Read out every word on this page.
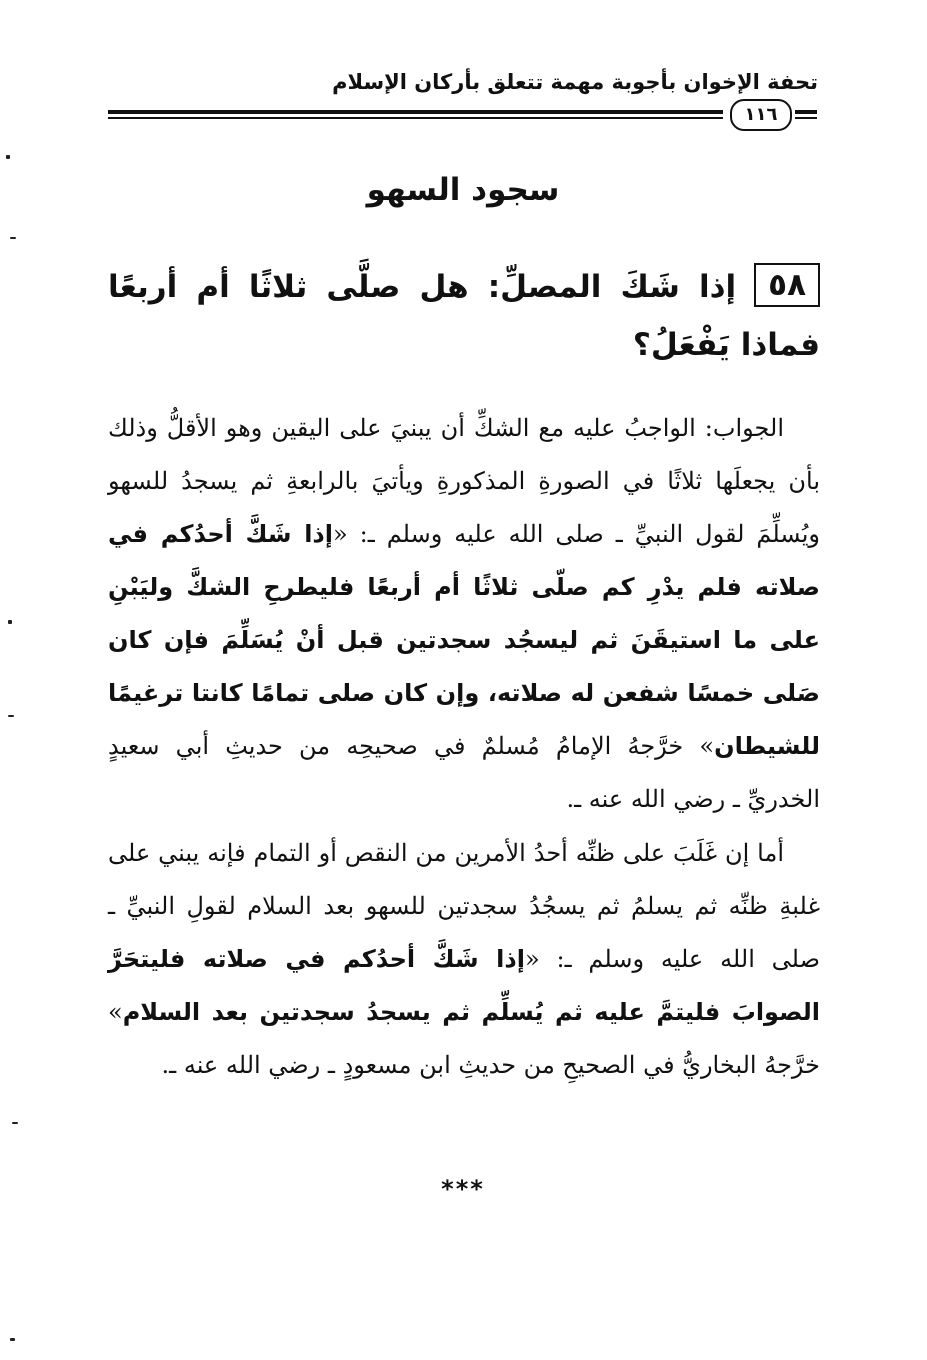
تحفة الإخوان بأجوبة مهمة تتعلق بأركان الإسلام
١١٦
سجود السهو
٥٨إذا شَكَ المصلِّ: هل صلَّى ثلاثًا أم أربعًا فماذا يَفْعَلُ؟
الجواب: الواجبُ عليه مع الشكِّ أن يبنيَ على اليقين وهو الأقلُّ وذلك بأن يجعلَها ثلاثًا في الصورةِ المذكورةِ ويأتيَ بالرابعةِ ثم يسجدُ للسهو ويُسلِّمَ لقول النبيِّ ـ صلى الله عليه وسلم ـ: «إذا شَكَّ أحدُكم في صلاته فلم يدْرِ كم صلّى ثلاثًا أم أربعًا فليطرحِ الشكَّ وليَبْنِ على ما استيقَنَ ثم ليسجُد سجدتين قبل أنْ يُسَلِّمَ فإن كان صَلى خمسًا شفعن له صلاته، وإن كان صلى تمامًا كانتا ترغيمًا للشيطان» خرَّجهُ الإمامُ مُسلمٌ في صحيحِه من حديثِ أبي سعيدٍ الخدريِّ ـ رضي الله عنه ـ.
أما إن غَلَبَ على ظنِّه أحدُ الأمرين من النقص أو التمام فإنه يبني على غلبةِ ظنِّه ثم يسلمُ ثم يسجُدُ سجدتين للسهو بعد السلام لقولِ النبيِّ ـ صلى الله عليه وسلم ـ: «إذا شَكَّ أحدُكم في صلاته فليتحَرَّ الصوابَ فليتمَّ عليه ثم يُسلِّم ثم يسجدُ سجدتين بعد السلام» خرَّجهُ البخاريُّ في الصحيحِ من حديثِ ابن مسعودٍ ـ رضي الله عنه ـ.
***
